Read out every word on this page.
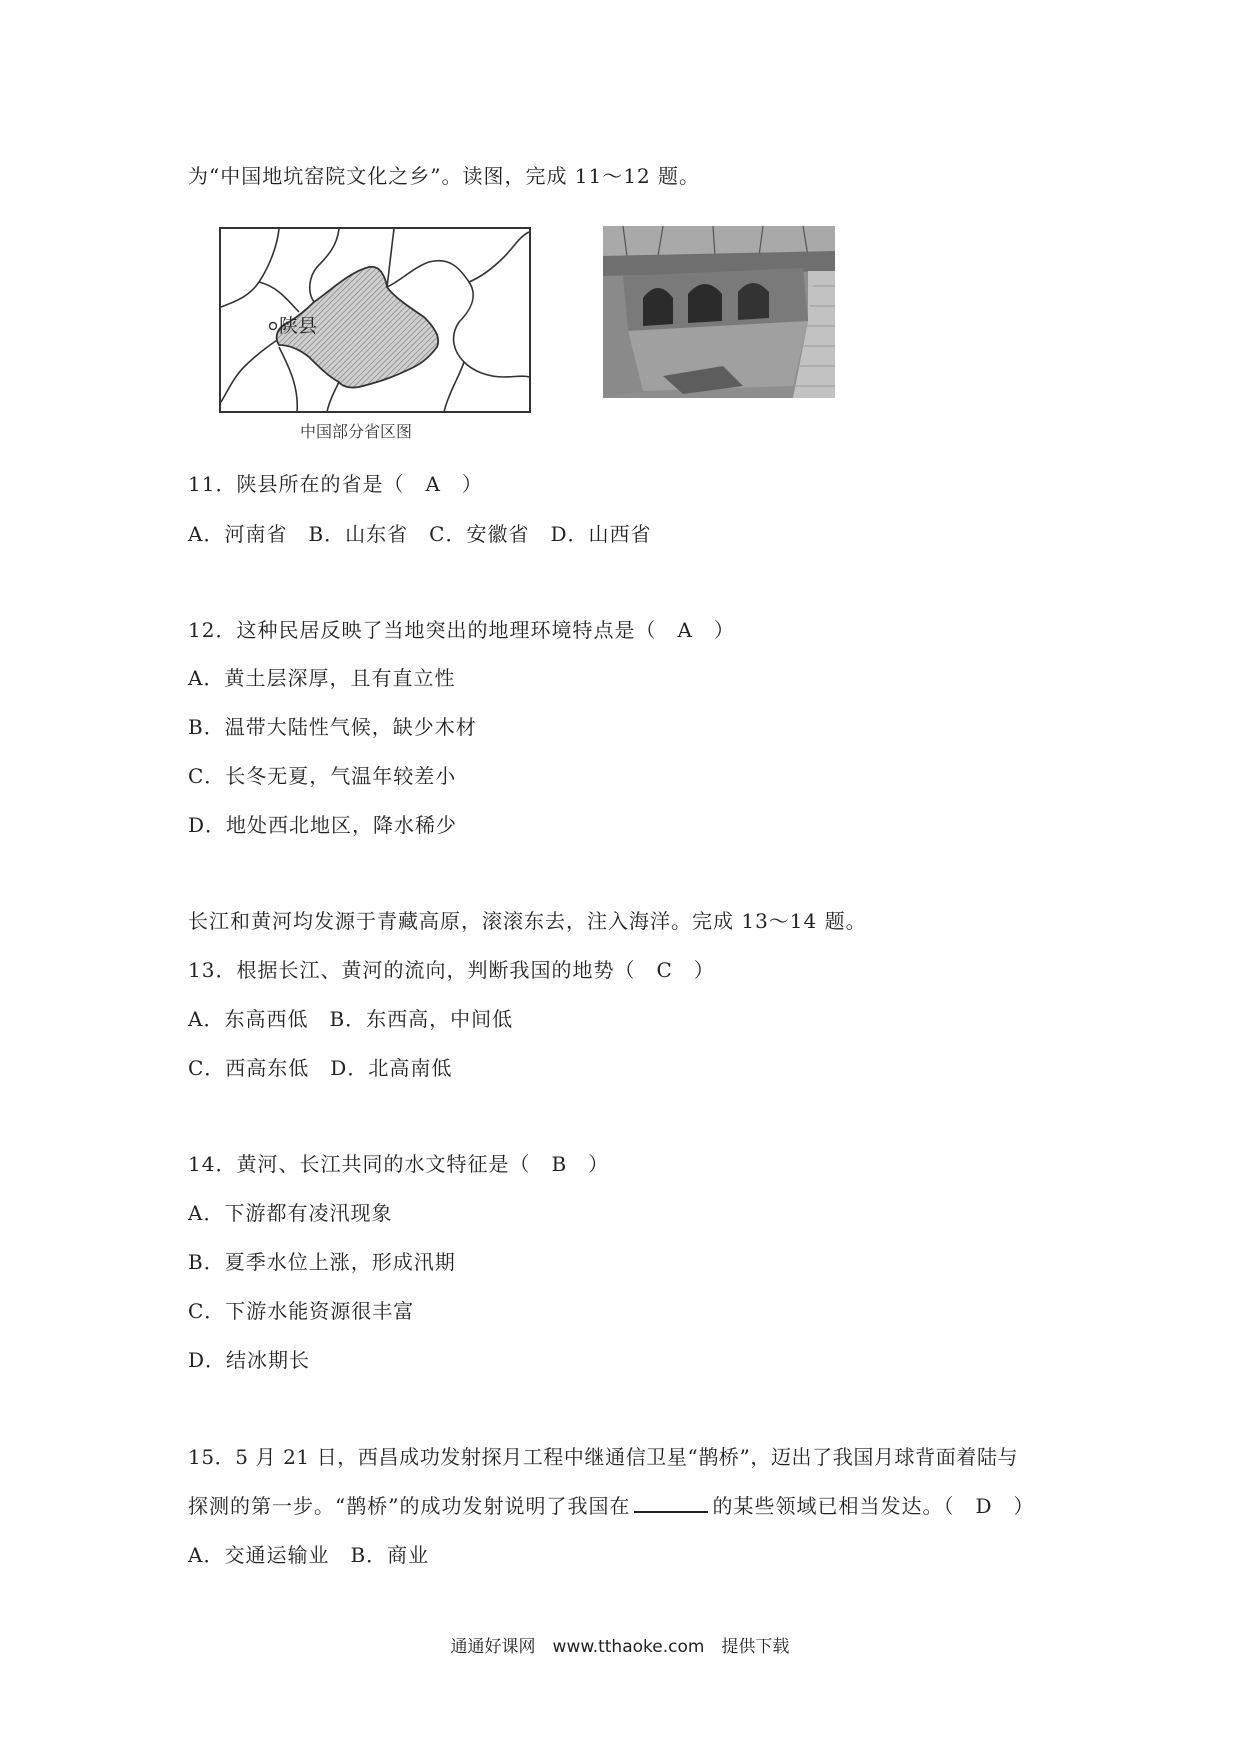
为“中国地坑窑院文化之乡”。读图，完成 11～12 题。
陕县
中国部分省区图
11．陕县所在的省是（　A　）
A．河南省　B．山东省　C．安徽省　D．山西省
12．这种民居反映了当地突出的地理环境特点是（　A　）
A．黄土层深厚，且有直立性
B．温带大陆性气候，缺少木材
C．长冬无夏，气温年较差小
D．地处西北地区，降水稀少
长江和黄河均发源于青藏高原，滚滚东去，注入海洋。完成 13～14 题。
13．根据长江、黄河的流向，判断我国的地势（　C　）
A．东高西低　B．东西高，中间低
C．西高东低　D．北高南低
14．黄河、长江共同的水文特征是（　B　）
A．下游都有凌汛现象
B．夏季水位上涨，形成汛期
C．下游水能资源很丰富
D．结冰期长
15．5 月 21 日，西昌成功发射探月工程中继通信卫星“鹊桥”，迈出了我国月球背面着陆与
探测的第一步。“鹊桥”的成功发射说明了我国在	的某些领域已相当发达。（　D　）
A．交通运输业　B．商业
通通好课网　www.tthaoke.com　提供下载
